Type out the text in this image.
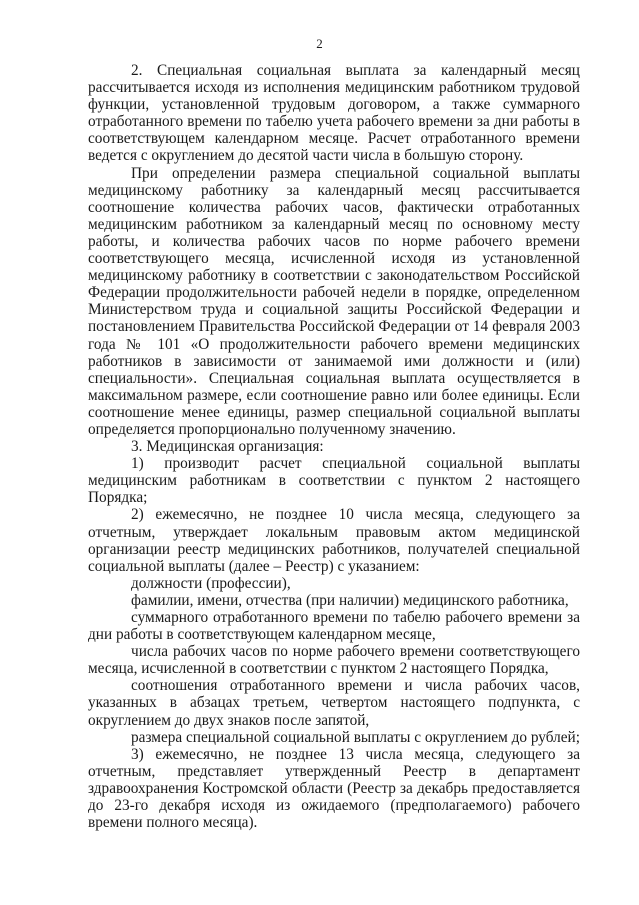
2

2. Специальная социальная выплата за календарный месяц рассчитывается исходя из исполнения медицинским работником трудовой функции, установленной трудовым договором, а также суммарного отработанного времени по табелю учета рабочего времени за дни работы в соответствующем календарном месяце. Расчет отработанного времени ведется с округлением до десятой части числа в большую сторону.

При определении размера специальной социальной выплаты медицинскому работнику за календарный месяц рассчитывается соотношение количества рабочих часов, фактически отработанных медицинским работником за календарный месяц по основному месту работы, и количества рабочих часов по норме рабочего времени соответствующего месяца, исчисленной исходя из установленной медицинскому работнику в соответствии с законодательством Российской Федерации продолжительности рабочей недели в порядке, определенном Министерством труда и социальной защиты Российской Федерации и постановлением Правительства Российской Федерации от 14 февраля 2003 года № 101 «О продолжительности рабочего времени медицинских работников в зависимости от занимаемой ими должности и (или) специальности». Специальная социальная выплата осуществляется в максимальном размере, если соотношение равно или более единицы. Если соотношение менее единицы, размер специальной социальной выплаты определяется пропорционально полученному значению.

3. Медицинская организация:

1) производит расчет специальной социальной выплаты медицинским работникам в соответствии с пунктом 2 настоящего Порядка;

2) ежемесячно, не позднее 10 числа месяца, следующего за отчетным, утверждает локальным правовым актом медицинской организации реестр медицинских работников, получателей специальной социальной выплаты (далее – Реестр) с указанием:

должности (профессии),

фамилии, имени, отчества (при наличии) медицинского работника,

суммарного отработанного времени по табелю рабочего времени за дни работы в соответствующем календарном месяце,

числа рабочих часов по норме рабочего времени соответствующего месяца, исчисленной в соответствии с пунктом 2 настоящего Порядка,

соотношения отработанного времени и числа рабочих часов, указанных в абзацах третьем, четвертом настоящего подпункта, с округлением до двух знаков после запятой,

размера специальной социальной выплаты с округлением до рублей;

3) ежемесячно, не позднее 13 числа месяца, следующего за отчетным, представляет утвержденный Реестр в департамент здравоохранения Костромской области (Реестр за декабрь предоставляется до 23-го декабря исходя из ожидаемого (предполагаемого) рабочего времени полного месяца).
